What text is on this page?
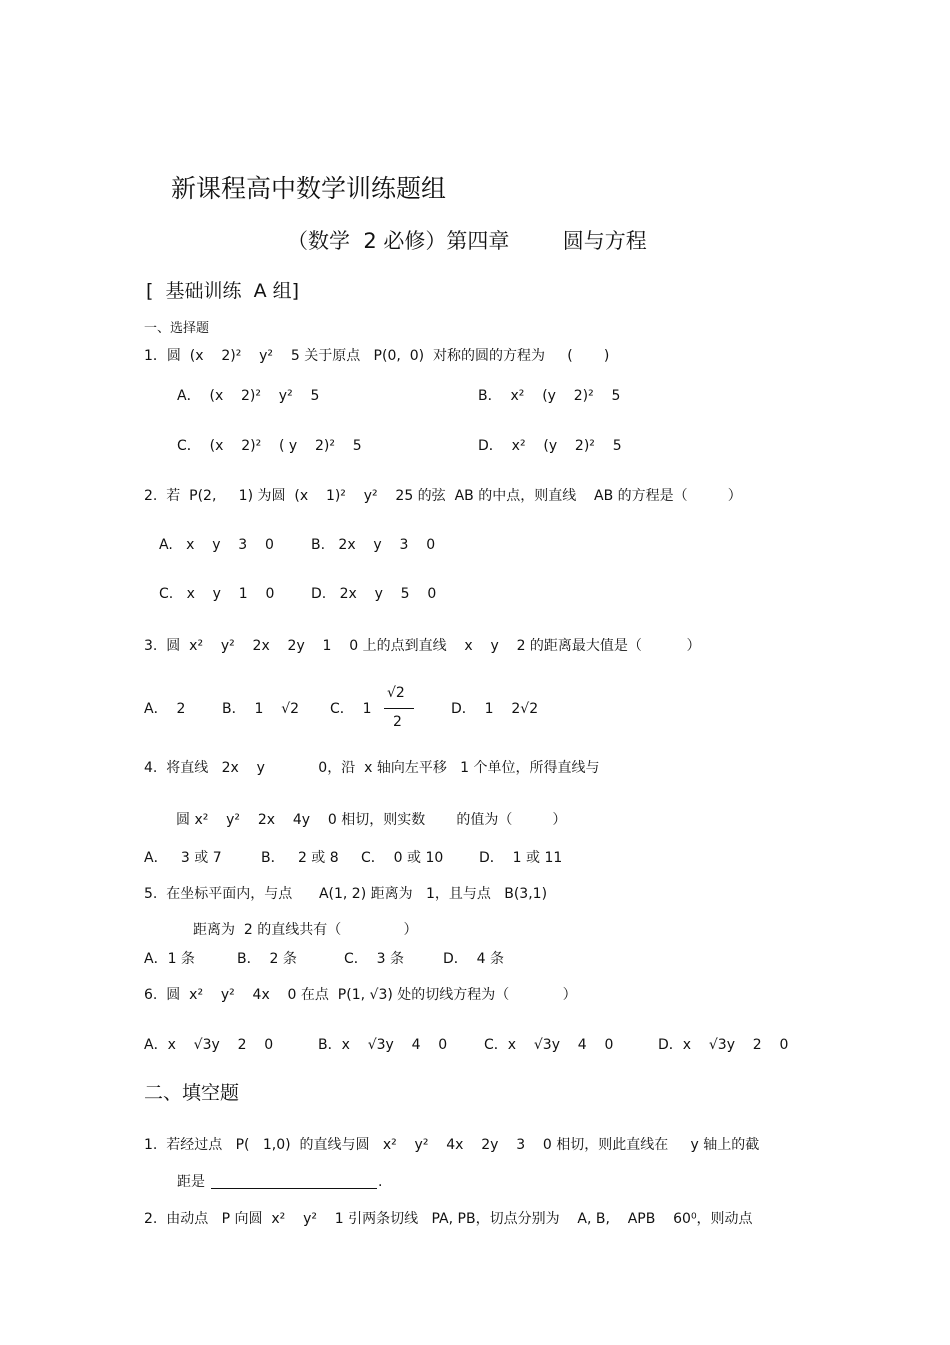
新课程高中数学训练题组
（数学  2 必修）第四章        圆与方程
[  基础训练  A 组]
一、选择题
1．圆  (x    2)²    y²    5 关于原点   P(0,  0)  对称的圆的方程为     (       )
A．  (x    2)²    y²    5	B．  x²    (y    2)²    5
C．  (x    2)²    ( y    2)²    5	D．  x²    (y    2)²    5
2.  若  P(2,     1) 为圆  (x    1)²    y²    25 的弦  AB 的中点，则直线    AB 的方程是（         ）
A.   x    y    3    0	B.   2x    y    3    0
C.   x    y    1    0	D.   2x    y    5    0
3.  圆  x²    y²    2x    2y    1    0 上的点到直线    x    y    2 的距离最大值是（          ）
A．  2	B．  1    √2 C．  1
√2
2
D．  1    2√2
4.  将直线   2x    y            0，沿  x 轴向左平移   1 个单位，所得直线与
圆 x²    y²    2x    4y    0 相切，则实数       的值为（         ）
A．   3 或 7	B．   2 或 8 C．  0 或 10	D．  1 或 11
5.  在坐标平面内，与点      A(1, 2) 距离为   1，且与点   B(3,1)
距离为  2 的直线共有（              ）
A．1 条	B．  2 条	C．  3 条	D．  4 条
6.  圆  x²    y²    4x    0 在点  P(1, √3) 处的切线方程为（            ）
A．x    √3y    2    0	B．x    √3y    4    0	C．x    √3y    4    0	D．x    √3y    2    0
二、填空题
1.  若经过点   P(   1,0)  的直线与圆   x²    y²    4x    2y    3    0 相切，则此直线在     y 轴上的截
距是	.
2.  由动点   P 向圆  x²    y²    1 引两条切线   PA, PB，切点分别为    A, B,    APB    60⁰，则动点
